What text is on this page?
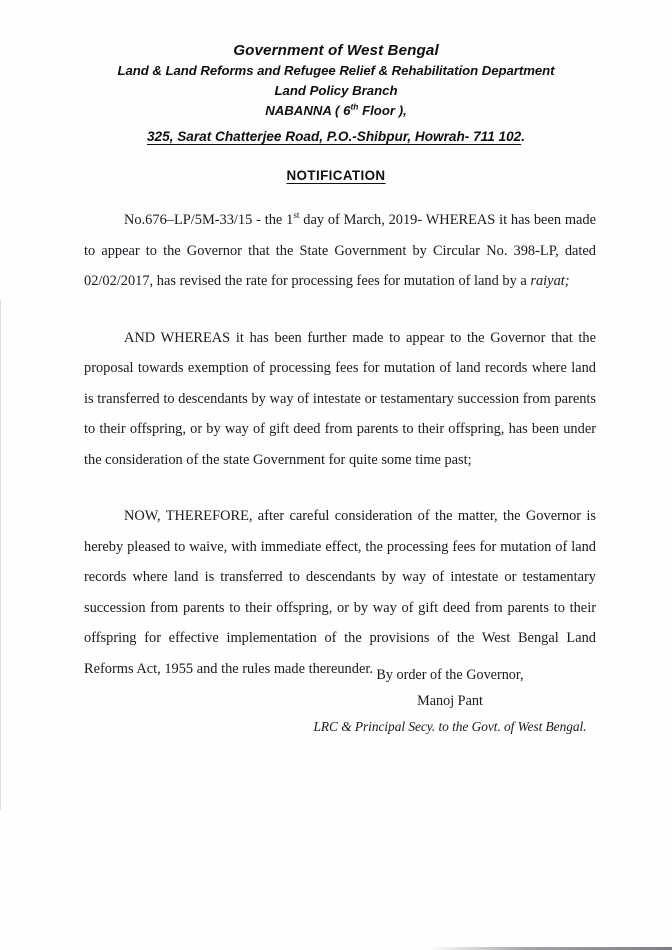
Government of West Bengal
Land & Land Reforms and Refugee Relief & Rehabilitation Department
Land Policy Branch
NABANNA ( 6th Floor ),
325, Sarat Chatterjee Road, P.O.-Shibpur, Howrah- 711 102.
NOTIFICATION

No.676–LP/5M-33/15 - the 1st day of March, 2019- WHEREAS it has been made to appear to the Governor that the State Government by Circular No. 398-LP, dated 02/02/2017, has revised the rate for processing fees for mutation of land by a raiyat;

AND WHEREAS it has been further made to appear to the Governor that the proposal towards exemption of processing fees for mutation of land records where land is transferred to descendants by way of intestate or testamentary succession from parents to their offspring, or by way of gift deed from parents to their offspring, has been under the consideration of the state Government for quite some time past;

NOW, THEREFORE, after careful consideration of the matter, the Governor is hereby pleased to waive, with immediate effect, the processing fees for mutation of land records where land is transferred to descendants by way of intestate or testamentary succession from parents to their offspring, or by way of gift deed from parents to their offspring for effective implementation of the provisions of the West Bengal Land Reforms Act, 1955 and the rules made thereunder. By order of the Governor,
Manoj Pant
LRC & Principal Secy. to the Govt. of West Bengal.
